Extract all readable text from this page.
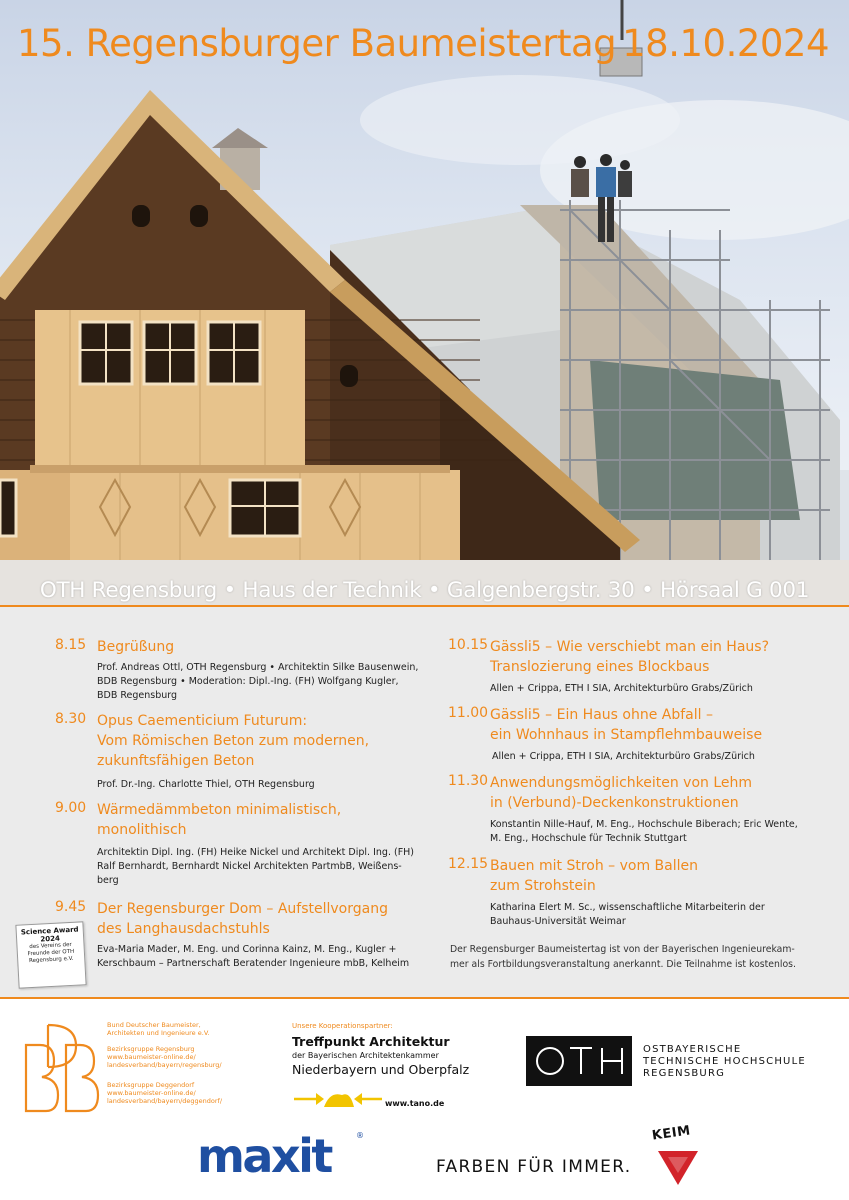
15. Regensburger Baumeistertag 18.10.2024
OTH Regensburg • Haus der Technik • Galgenbergstr. 30 • Hörsaal G 001
8.15 Begrüßung
Prof. Andreas Ottl, OTH Regensburg • Architektin Silke Bausenwein,
BDB Regensburg • Moderation: Dipl.-Ing. (FH) Wolfgang Kugler,
BDB Regensburg
8.30 Opus Caementicium Futurum:
Vom Römischen Beton zum modernen,
zukunftsfähigen Beton
Prof. Dr.-Ing. Charlotte Thiel, OTH Regensburg
9.00 Wärmedämmbeton minimalistisch,
monolithisch
Architektin Dipl. Ing. (FH) Heike Nickel und Architekt Dipl. Ing. (FH)
Ralf Bernhardt, Bernhardt Nickel Architekten PartmbB, Weißens-
berg
9.45 Der Regensburger Dom – Aufstellvorgang
des Langhausdachstuhls
Eva-Maria Mader, M. Eng. und Corinna Kainz, M. Eng., Kugler +
Kerschbaum – Partnerschaft Beratender Ingenieure mbB, Kelheim
10.15 Gässli5 – Wie verschiebt man ein Haus?
Translozierung eines Blockbaus
Allen + Crippa, ETH I SIA, Architekturbüro Grabs/Zürich
11.00 Gässli5 – Ein Haus ohne Abfall –
ein Wohnhaus in Stampflehmbauweise
Allen + Crippa, ETH I SIA, Architekturbüro Grabs/Zürich
11.30 Anwendungsmöglichkeiten von Lehm
in (Verbund)-Deckenkonstruktionen
Konstantin Nille-Hauf, M. Eng., Hochschule Biberach; Eric Wente,
M. Eng., Hochschule für Technik Stuttgart
12.15 Bauen mit Stroh – vom Ballen
zum Strohstein
Katharina Elert M. Sc., wissenschaftliche Mitarbeiterin der
Bauhaus-Universität Weimar
Der Regensburger Baumeistertag ist von der Bayerischen Ingenieurekam-
mer als Fortbildungsveranstaltung anerkannt. Die Teilnahme ist kostenlos.
Science Award
2024
des Vereins der
Freunde der OTH
Regensburg e.V.
Bund Deutscher Baumeister,
Architekten und Ingenieure e.V.
Bezirksgruppe Regensburg
www.baumeister-online.de/
landesverband/bayern/regensburg/
Bezirksgruppe Deggendorf
www.baumeister-online.de/
landesverband/bayern/deggendorf/
Unsere Kooperationspartner:
Treffpunkt Architektur
der Bayerischen Architektenkammer
Niederbayern und Oberpfalz
www.tano.de
OSTBAYERISCHE
TECHNISCHE HOCHSCHULE
REGENSBURG
maxit	®
FARBEN FÜR IMMER.
KEIM
